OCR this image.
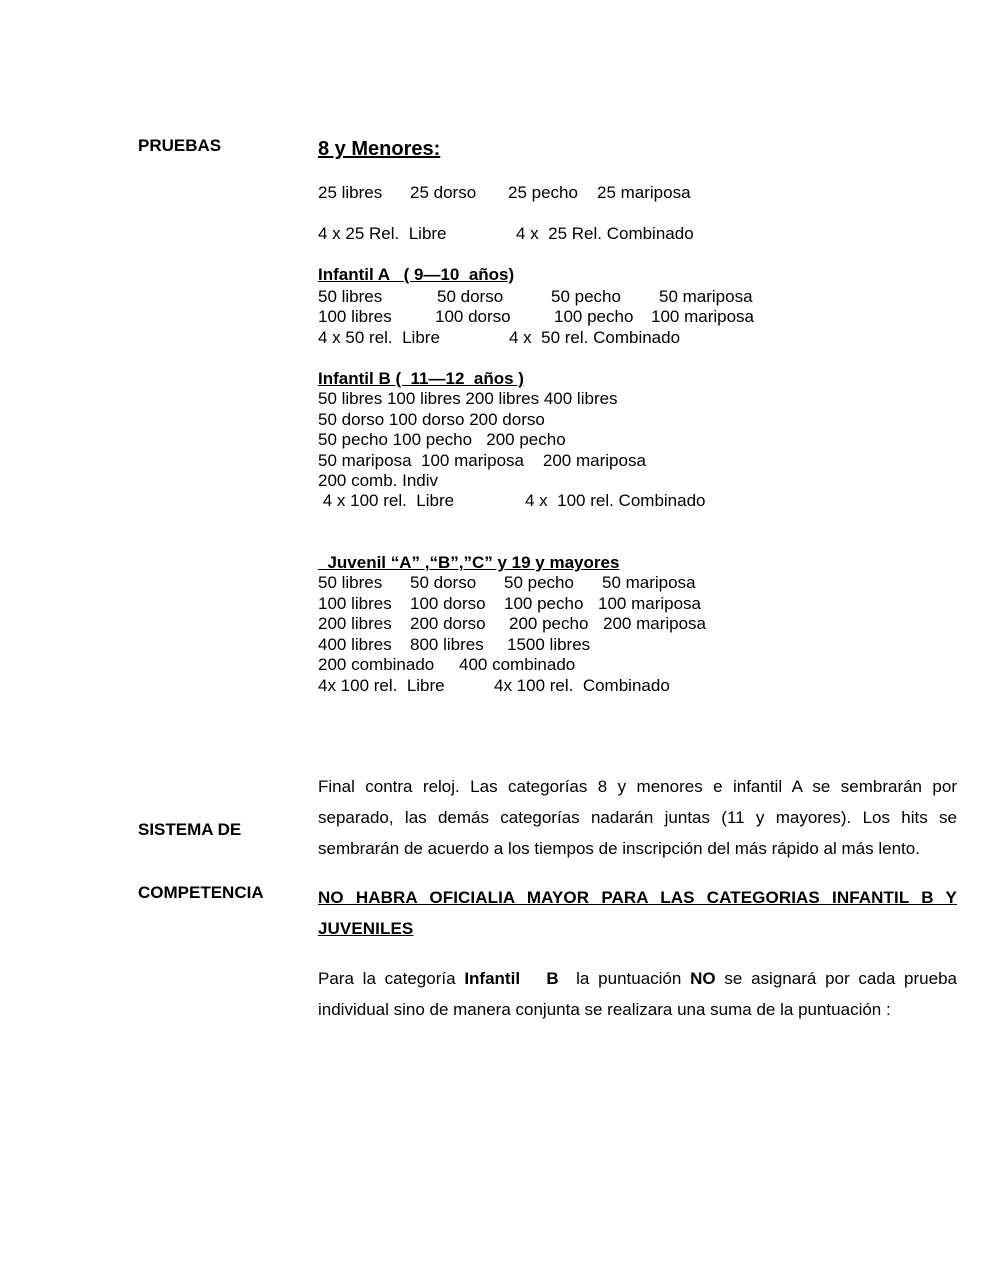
PRUEBAS	8 y Menores:
25 libres 25 dorso 25 pecho 25 mariposa
4 x 25 Rel.  Libre	4 x  25 Rel. Combinado
Infantil A   ( 9—10  años)
50 libres	50 dorso	50 pecho 50 mariposa
100 libres	100 dorso	100 pecho 100 mariposa
4 x 50 rel.  Libre	4 x  50 rel. Combinado
Infantil B (  11—12  años )
50 libres 100 libres 200 libres 400 libres
50 dorso 100 dorso 200 dorso
50 pecho 100 pecho   200 pecho
50 mariposa  100 mariposa    200 mariposa
200 comb. Indiv
4 x 100 rel.  Libre	4 x  100 rel. Combinado
Juvenil “A” ,“B”,”C” y 19 y mayores
50 libres 50 dorso 50 pecho 50 mariposa
100 libres 100 dorso 100 pecho 100 mariposa
200 libres 200 dorso 200 pecho 200 mariposa
400 libres 800 libres 1500 libres
200 combinado 400 combinado
4x 100 rel.  Libre	4x 100 rel.  Combinado

SISTEMA DE

COMPETENCIA

Final contra reloj. Las categorías 8 y menores e infantil A se sembrarán por separado, las demás categorías nadarán juntas (11 y mayores). Los hits se sembrarán de acuerdo a los tiempos de inscripción del más rápido al más lento.

NO HABRA OFICIALIA MAYOR PARA LAS CATEGORIAS INFANTIL B Y JUVENILES

Para la categoría Infantil   B  la puntuación NO se asignará por cada prueba individual sino de manera conjunta se realizara una suma de la puntuación :
